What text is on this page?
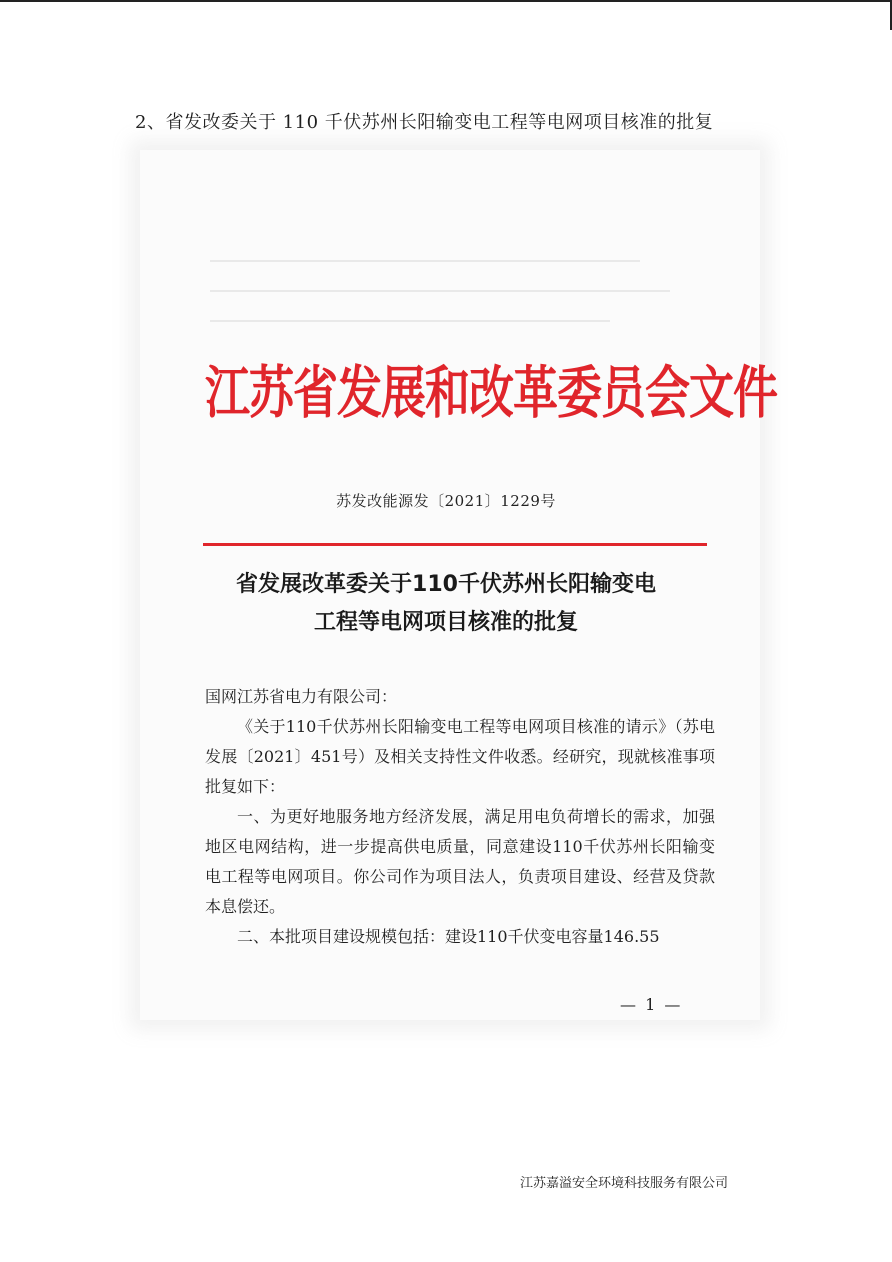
2、省发改委关于 110 千伏苏州长阳输变电工程等电网项目核准的批复
江苏省发展和改革委员会文件
苏发改能源发〔2021〕1229号
省发展改革委关于110千伏苏州长阳输变电
工程等电网项目核准的批复

国网江苏省电力有限公司：

《关于110千伏苏州长阳输变电工程等电网项目核准的请示》（苏电发展〔2021〕451号）及相关支持性文件收悉。经研究，现就核准事项批复如下：

一、为更好地服务地方经济发展，满足用电负荷增长的需求，加强地区电网结构，进一步提高供电质量，同意建设110千伏苏州长阳输变电工程等电网项目。你公司作为项目法人，负责项目建设、经营及贷款本息偿还。

二、本批项目建设规模包括：建设110千伏变电容量146.55

— 1 —
江苏嘉溢安全环境科技服务有限公司
